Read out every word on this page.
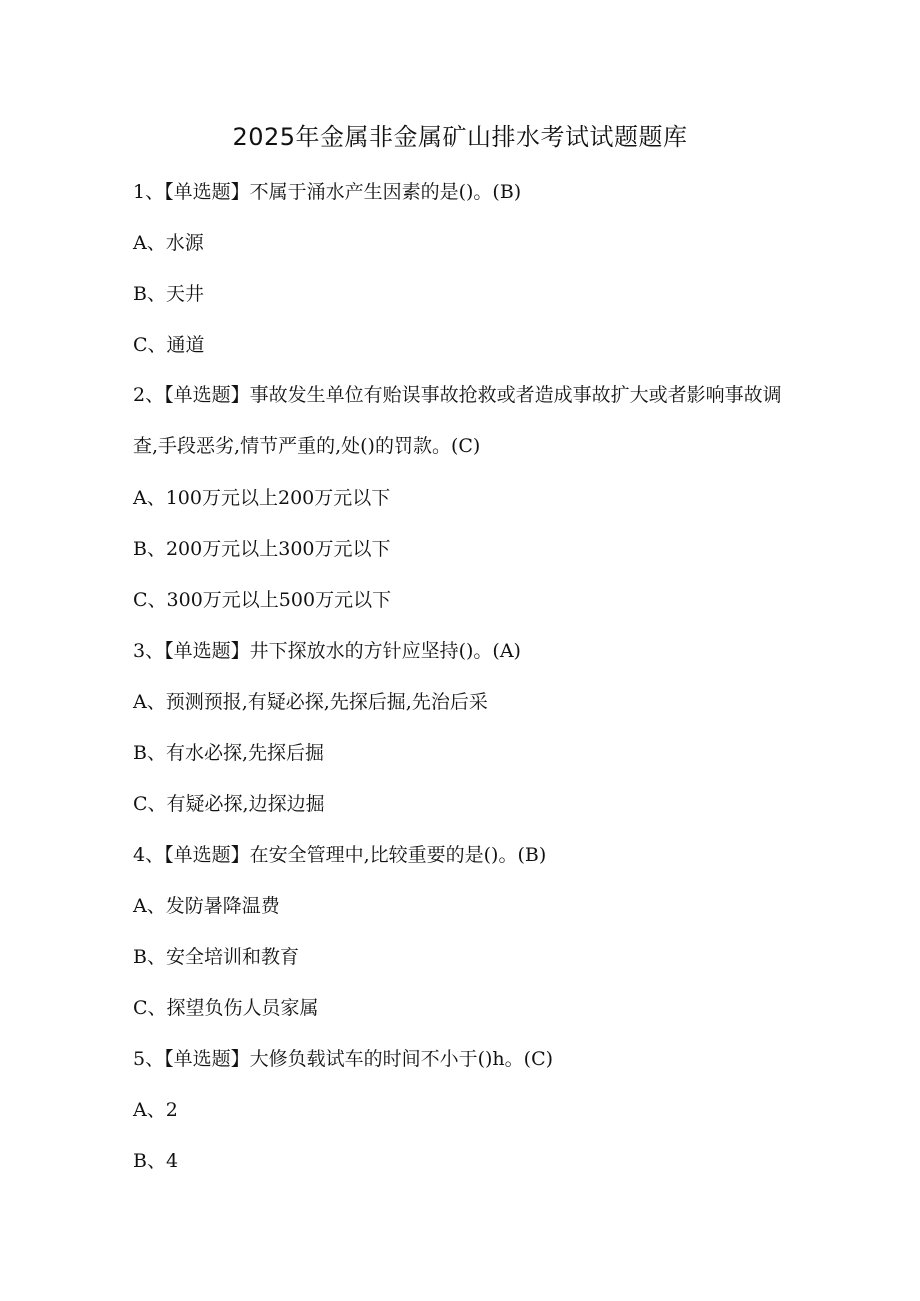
2025年金属非金属矿山排水考试试题题库
1、【单选题】不属于涌水产生因素的是()。(B)
A、水源
B、天井
C、通道
2、【单选题】事故发生单位有贻误事故抢救或者造成事故扩大或者影响事故调查,手段恶劣,情节严重的,处()的罚款。(C)
A、100万元以上200万元以下
B、200万元以上300万元以下
C、300万元以上500万元以下
3、【单选题】井下探放水的方针应坚持()。(A)
A、预测预报,有疑必探,先探后掘,先治后采
B、有水必探,先探后掘
C、有疑必探,边探边掘
4、【单选题】在安全管理中,比较重要的是()。(B)
A、发防暑降温费
B、安全培训和教育
C、探望负伤人员家属
5、【单选题】大修负载试车的时间不小于()h。(C)
A、2
B、4
